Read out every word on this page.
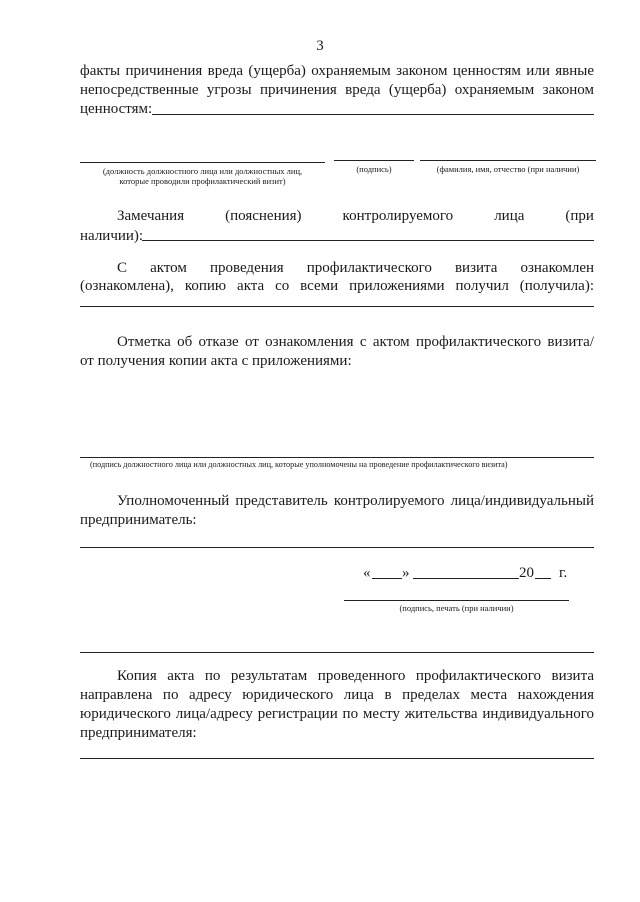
3
факты причинения вреда (ущерба) охраняемым законом ценностям или явные
непосредственные угрозы причинения вреда (ущерба) охраняемым законом
ценностям:
(должность должностного лица или должностных лиц,
которые проводили профилактический визит)
(подпись)	(фамилия, имя, отчество (при наличии)
Замечания	(пояснения)	контролируемого	лица	(при
наличии):
С актом проведения профилактического визита ознакомлен
(ознакомлена), копию акта со всеми приложениями получил (получила):
Отметка об отказе от ознакомления с актом профилактического визита/
от получения копии акта с приложениями:
(подпись должностного лица или должностных лиц, которые уполномочены на проведение профилактического визита)
Уполномоченный представитель контролируемого лица/индивидуальный
предприниматель:
« »	20 г.
(подпись, печать (при наличии)
Копия акта по результатам проведенного профилактического визита
направлена по адресу юридического лица в пределах места нахождения
юридического лица/адресу регистрации по месту жительства индивидуального
предпринимателя:
